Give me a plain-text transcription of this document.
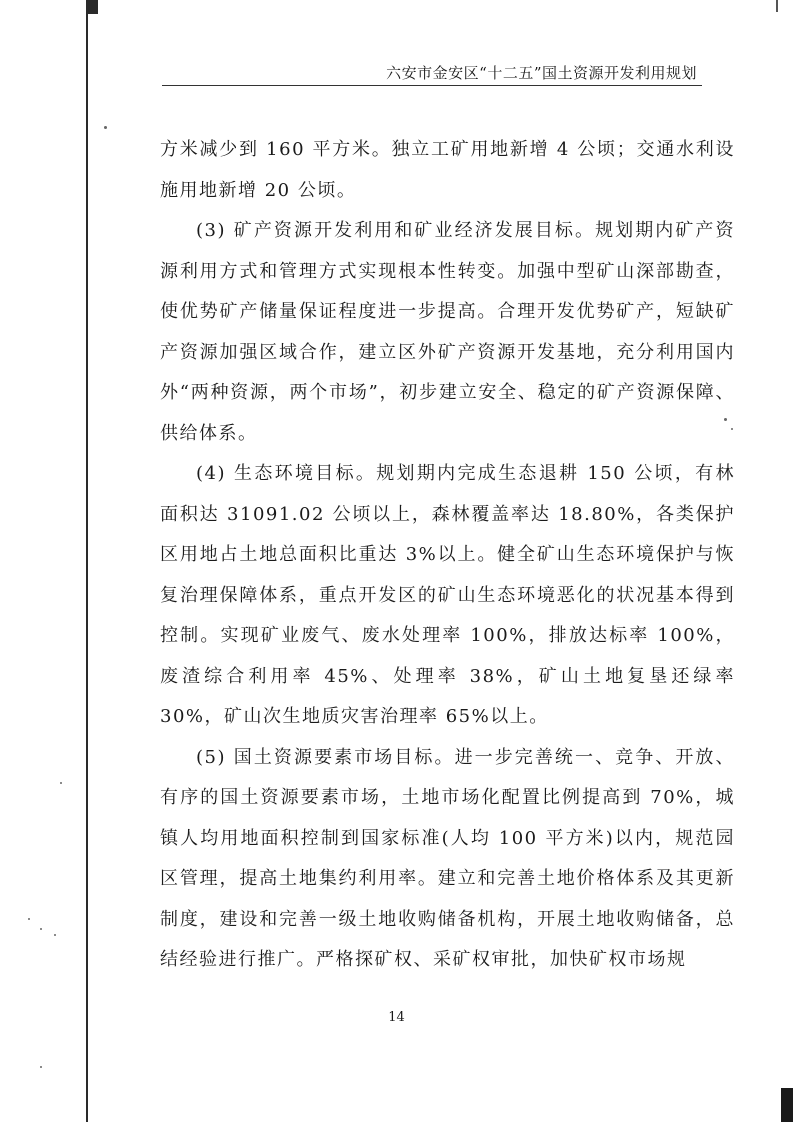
六安市金安区“十二五”国土资源开发利用规划

方米减少到 160 平方米。独立工矿用地新增 4 公顷；交通水利设施用地新增 20 公顷。

(3) 矿产资源开发利用和矿业经济发展目标。规划期内矿产资源利用方式和管理方式实现根本性转变。加强中型矿山深部勘查，使优势矿产储量保证程度进一步提高。合理开发优势矿产，短缺矿产资源加强区域合作，建立区外矿产资源开发基地，充分利用国内外“两种资源，两个市场”，初步建立安全、稳定的矿产资源保障、供给体系。

(4) 生态环境目标。规划期内完成生态退耕 150 公顷，有林面积达 31091.02 公顷以上，森林覆盖率达 18.80%，各类保护区用地占土地总面积比重达 3%以上。健全矿山生态环境保护与恢复治理保障体系，重点开发区的矿山生态环境恶化的状况基本得到控制。实现矿业废气、废水处理率 100%，排放达标率 100%，废渣综合利用率 45%、处理率 38%，矿山土地复垦还绿率 30%，矿山次生地质灾害治理率 65%以上。

(5) 国土资源要素市场目标。进一步完善统一、竞争、开放、有序的国土资源要素市场，土地市场化配置比例提高到 70%，城镇人均用地面积控制到国家标准(人均 100 平方米)以内，规范园区管理，提高土地集约利用率。建立和完善土地价格体系及其更新制度，建设和完善一级土地收购储备机构，开展土地收购储备，总结经验进行推广。严格探矿权、采矿权审批，加快矿权市场规

14
